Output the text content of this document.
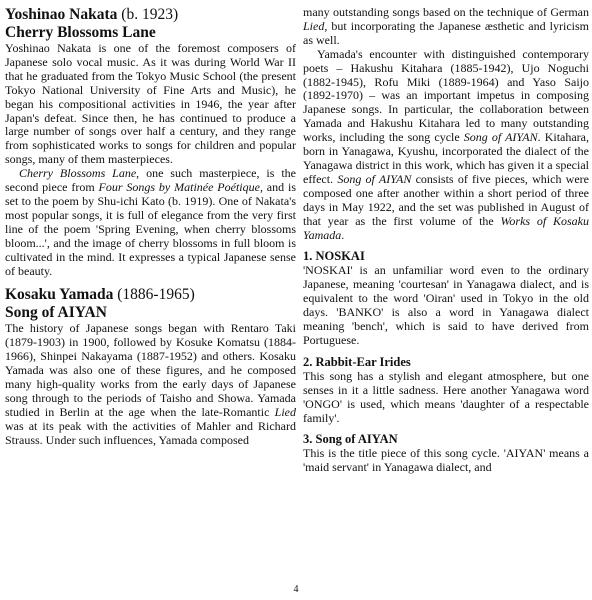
Yoshinao Nakata (b. 1923)
Cherry Blossoms Lane

Yoshinao Nakata is one of the foremost composers of Japanese solo vocal music. As it was during World War II that he graduated from the Tokyo Music School (the present Tokyo National University of Fine Arts and Music), he began his compositional activities in 1946, the year after Japan's defeat. Since then, he has continued to produce a large number of songs over half a century, and they range from sophisticated works to songs for children and popular songs, many of them masterpieces.

Cherry Blossoms Lane, one such masterpiece, is the second piece from Four Songs by Matinée Poétique, and is set to the poem by Shu-ichi Kato (b. 1919). One of Nakata's most popular songs, it is full of elegance from the very first line of the poem 'Spring Evening, when cherry blossoms bloom...', and the image of cherry blossoms in full bloom is cultivated in the mind. It expresses a typical Japanese sense of beauty.

Kosaku Yamada (1886-1965)
Song of AIYAN

The history of Japanese songs began with Rentaro Taki (1879-1903) in 1900, followed by Kosuke Komatsu (1884-1966), Shinpei Nakayama (1887-1952) and others. Kosaku Yamada was also one of these figures, and he composed many high-quality works from the early days of Japanese song through to the periods of Taisho and Showa. Yamada studied in Berlin at the age when the late-Romantic Lied was at its peak with the activities of Mahler and Richard Strauss. Under such influences, Yamada composed

many outstanding songs based on the technique of German Lied, but incorporating the Japanese æsthetic and lyricism as well.

Yamada's encounter with distinguished contemporary poets – Hakushu Kitahara (1885-1942), Ujo Noguchi (1882-1945), Rofu Miki (1889-1964) and Yaso Saijo (1892-1970) – was an important impetus in composing Japanese songs. In particular, the collaboration between Yamada and Hakushu Kitahara led to many outstanding works, including the song cycle Song of AIYAN. Kitahara, born in Yanagawa, Kyushu, incorporated the dialect of the Yanagawa district in this work, which has given it a special effect. Song of AIYAN consists of five pieces, which were composed one after another within a short period of three days in May 1922, and the set was published in August of that year as the first volume of the Works of Kosaku Yamada.

1. NOSKAI

'NOSKAI' is an unfamiliar word even to the ordinary Japanese, meaning 'courtesan' in Yanagawa dialect, and is equivalent to the word 'Oiran' used in Tokyo in the old days. 'BANKO' is also a word in Yanagawa dialect meaning 'bench', which is said to have derived from Portuguese.

2. Rabbit-Ear Irides

This song has a stylish and elegant atmosphere, but one senses in it a little sadness. Here another Yanagawa word 'ONGO' is used, which means 'daughter of a respectable family'.

3. Song of AIYAN

This is the title piece of this song cycle. 'AIYAN' means a 'maid servant' in Yanagawa dialect, and

4
